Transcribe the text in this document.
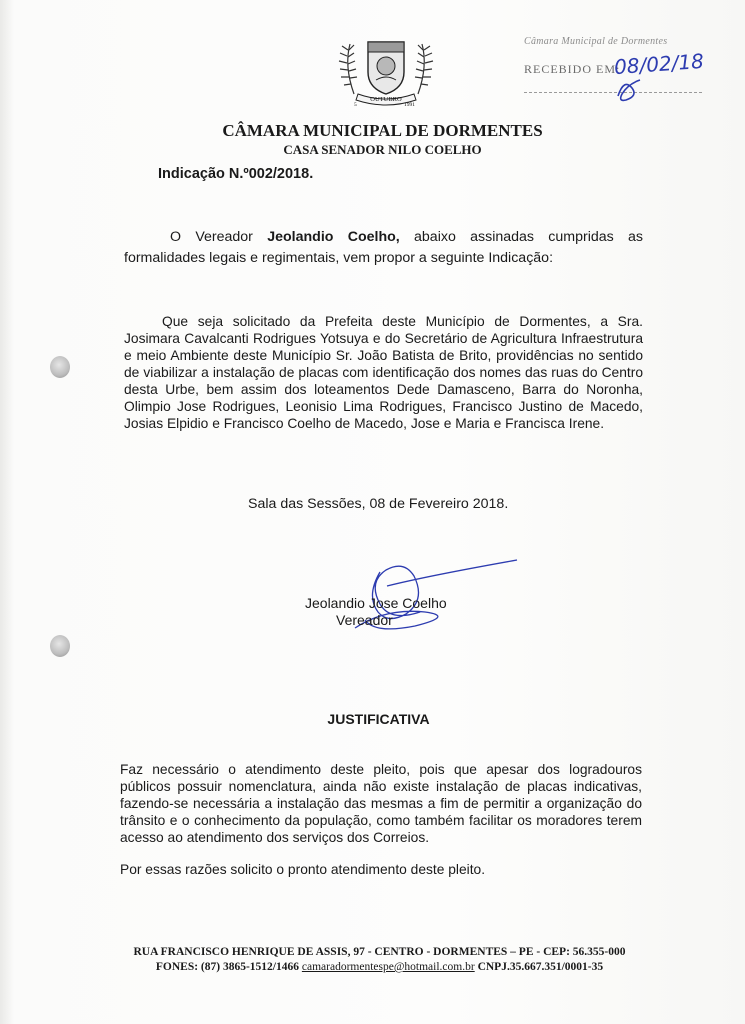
OUTUBRO
5	1991
Câmara Municipal de Dormentes
RECEBIDO EM:
08/02/18
CÂMARA MUNICIPAL DE DORMENTES
CASA SENADOR NILO COELHO
Indicação N.º002/2018.
O Vereador Jeolandio Coelho, abaixo assinadas cumpridas as formalidades legais e regimentais, vem propor a seguinte Indicação:
Que seja solicitado da Prefeita deste Município de Dormentes, a Sra. Josimara Cavalcanti Rodrigues Yotsuya e do Secretário de Agricultura Infraestrutura e meio Ambiente deste Município Sr. João Batista de Brito, providências no sentido de viabilizar a instalação de placas com identificação dos nomes das ruas do Centro desta Urbe, bem assim dos loteamentos Dede Damasceno, Barra do Noronha, Olimpio Jose Rodrigues, Leonisio Lima Rodrigues, Francisco Justino de Macedo, Josias Elpidio e Francisco Coelho de Macedo, Jose e Maria e Francisca Irene.
Sala das Sessões, 08 de Fevereiro 2018.
Jeolandio Jose Coelho
Vereador
JUSTIFICATIVA
Faz necessário o atendimento deste pleito, pois que apesar dos logradouros públicos possuir nomenclatura, ainda não existe instalação de placas indicativas, fazendo-se necessária a instalação das mesmas a fim de permitir a organização do trânsito e o conhecimento da população, como também facilitar os moradores terem acesso ao atendimento dos serviços dos Correios.
Por essas razões solicito o pronto atendimento deste pleito.
RUA FRANCISCO HENRIQUE DE ASSIS, 97 - CENTRO - DORMENTES – PE - CEP: 56.355-000
FONES: (87) 3865-1512/1466 camaradormentespe@hotmail.com.br CNPJ.35.667.351/0001-35
